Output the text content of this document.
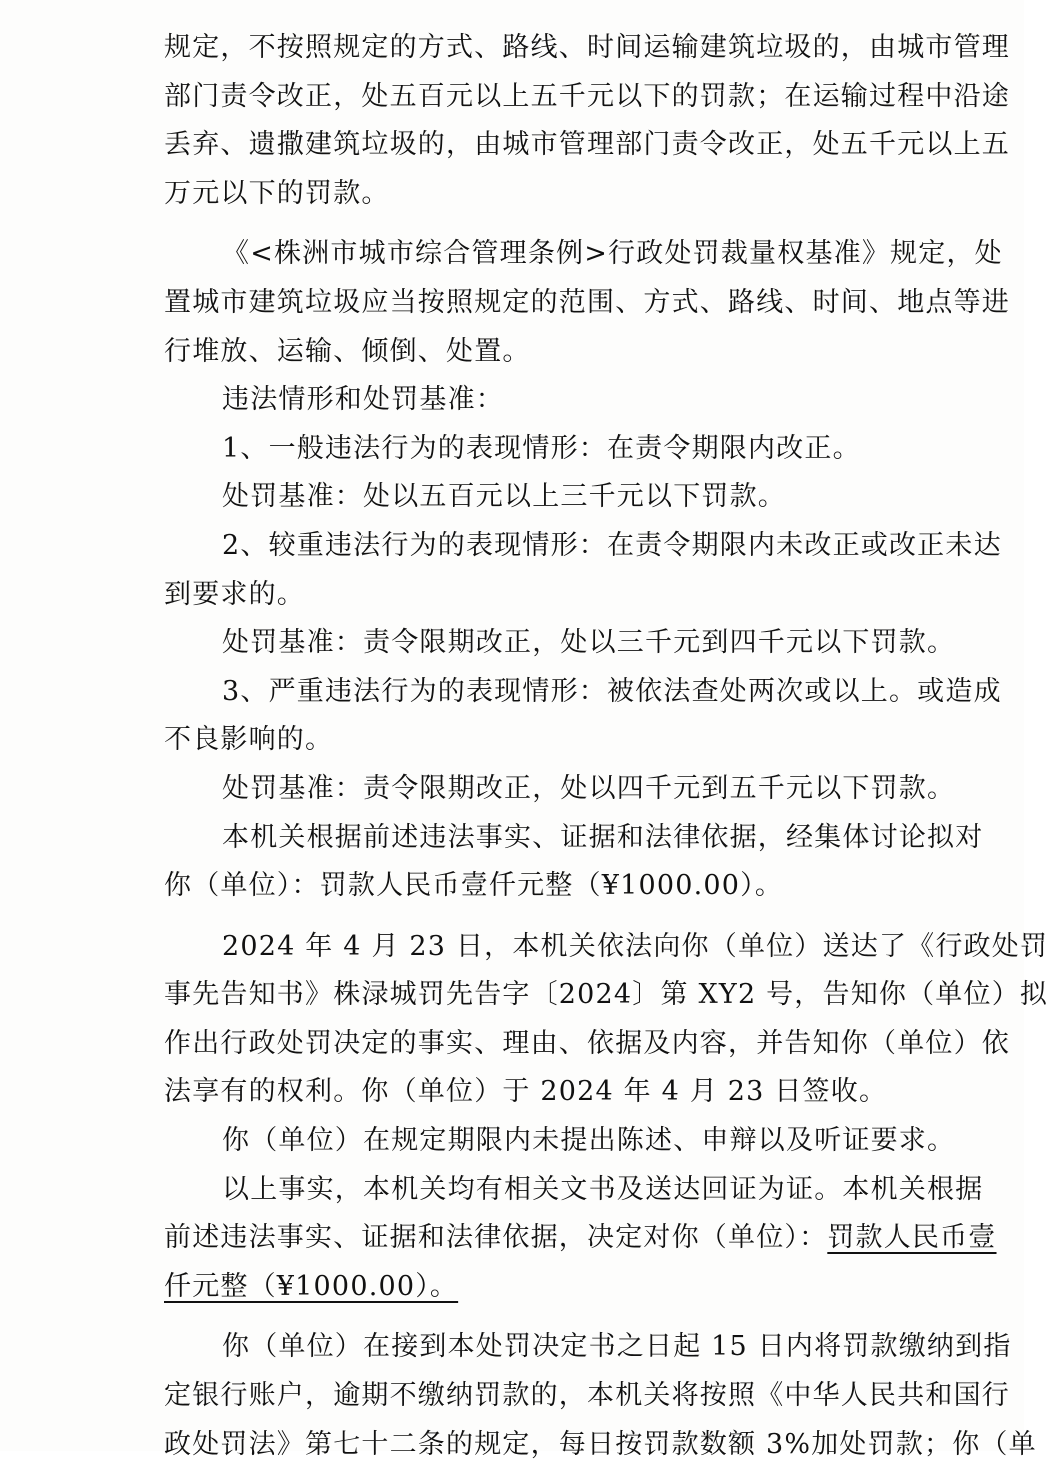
规定，不按照规定的方式、路线、时间运输建筑垃圾的，由城市管理
部门责令改正，处五百元以上五千元以下的罚款；在运输过程中沿途
丢弃、遗撒建筑垃圾的，由城市管理部门责令改正，处五千元以上五
万元以下的罚款。
《<株洲市城市综合管理条例>行政处罚裁量权基准》规定，处
置城市建筑垃圾应当按照规定的范围、方式、路线、时间、地点等进
行堆放、运输、倾倒、处置。
违法情形和处罚基准：
1、一般违法行为的表现情形：在责令期限内改正。
处罚基准：处以五百元以上三千元以下罚款。
2、较重违法行为的表现情形：在责令期限内未改正或改正未达
到要求的。
处罚基准：责令限期改正，处以三千元到四千元以下罚款。
3、严重违法行为的表现情形：被依法查处两次或以上。或造成
不良影响的。
处罚基准：责令限期改正，处以四千元到五千元以下罚款。
本机关根据前述违法事实、证据和法律依据，经集体讨论拟对
你（单位）：罚款人民币壹仟元整（¥1000.00）。
2024 年 4 月 23 日，本机关依法向你（单位）送达了《行政处罚
事先告知书》株渌城罚先告字〔2024〕第 XY2 号，告知你（单位）拟
作出行政处罚决定的事实、理由、依据及内容，并告知你（单位）依
法享有的权利。你（单位）于 2024 年 4 月 23 日签收。
你（单位）在规定期限内未提出陈述、申辩以及听证要求。
以上事实，本机关均有相关文书及送达回证为证。本机关根据
前述违法事实、证据和法律依据，决定对你（单位）：罚款人民币壹
仟元整（¥1000.00）。
你（单位）在接到本处罚决定书之日起 15 日内将罚款缴纳到指
定银行账户，逾期不缴纳罚款的，本机关将按照《中华人民共和国行
政处罚法》第七十二条的规定，每日按罚款数额 3%加处罚款；你（单
